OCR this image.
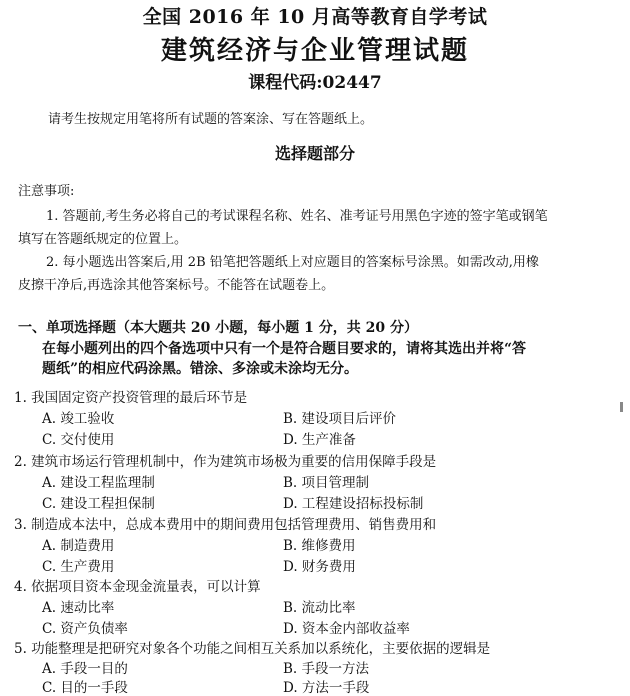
全国 2016 年 10 月高等教育自学考试
建筑经济与企业管理试题
课程代码:02447
请考生按规定用笔将所有试题的答案涂、写在答题纸上。
选择题部分
注意事项:
1. 答题前,考生务必将自己的考试课程名称、姓名、准考证号用黑色字迹的签字笔或钢笔
填写在答题纸规定的位置上。
2. 每小题选出答案后,用 2B 铅笔把答题纸上对应题目的答案标号涂黑。如需改动,用橡
皮擦干净后,再选涂其他答案标号。不能答在试题卷上。
一、单项选择题（本大题共 20 小题，每小题 1 分，共 20 分）
在每小题列出的四个备选项中只有一个是符合题目要求的，请将其选出并将“答
题纸”的相应代码涂黑。错涂、多涂或未涂均无分。
1. 我国固定资产投资管理的最后环节是
A. 竣工验收	B. 建设项目后评价
C. 交付使用	D. 生产准备
2. 建筑市场运行管理机制中，作为建筑市场极为重要的信用保障手段是
A. 建设工程监理制	B. 项目管理制
C. 建设工程担保制	D. 工程建设招标投标制
3. 制造成本法中，总成本费用中的期间费用包括管理费用、销售费用和
A. 制造费用	B. 维修费用
C. 生产费用	D. 财务费用
4. 依据项目资本金现金流量表，可以计算
A. 速动比率	B. 流动比率
C. 资产负债率	D. 资本金内部收益率
5. 功能整理是把研究对象各个功能之间相互关系加以系统化，主要依据的逻辑是
A. 手段一目的	B. 手段一方法
C. 目的一手段	D. 方法一手段
